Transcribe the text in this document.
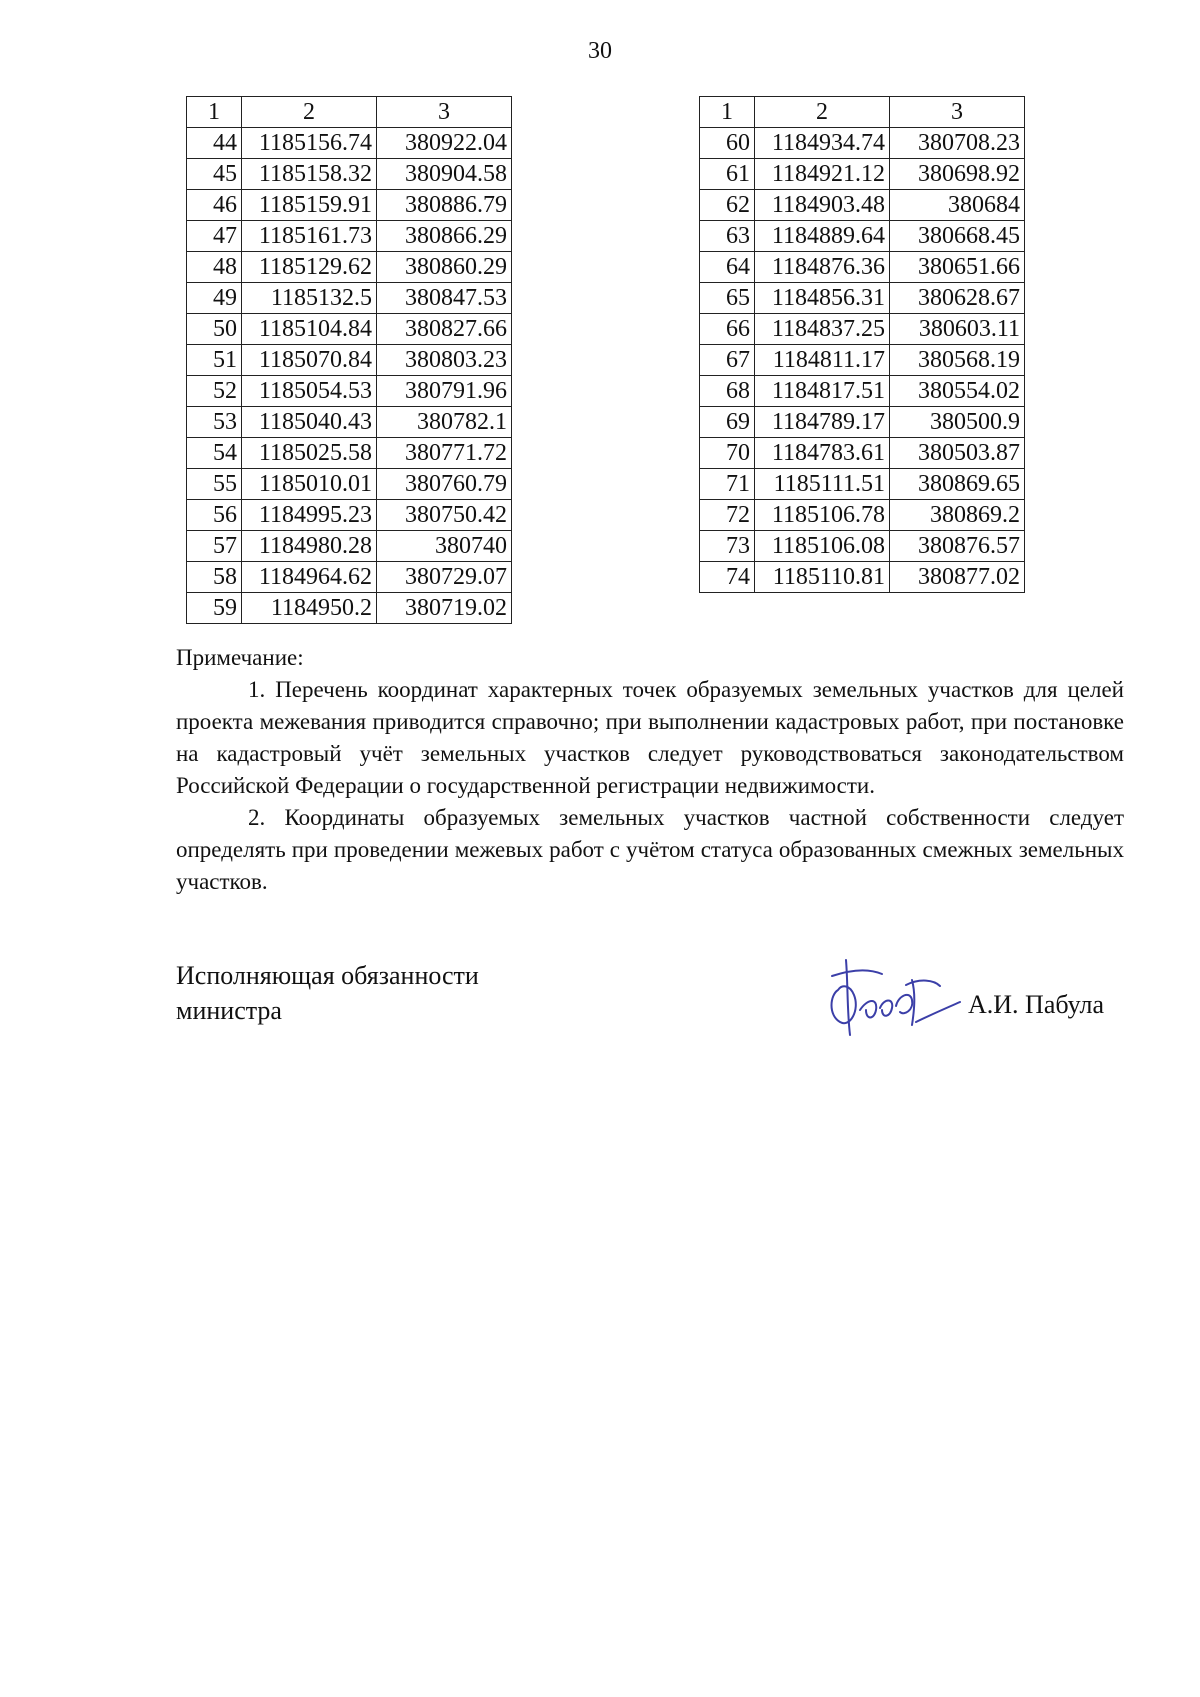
30
1	2	3
44	1185156.74	380922.04
45	1185158.32	380904.58
46	1185159.91	380886.79
47	1185161.73	380866.29
48	1185129.62	380860.29
49	1185132.5	380847.53
50	1185104.84	380827.66
51	1185070.84	380803.23
52	1185054.53	380791.96
53	1185040.43	380782.1
54	1185025.58	380771.72
55	1185010.01	380760.79
56	1184995.23	380750.42
57	1184980.28	380740
58	1184964.62	380729.07
59	1184950.2	380719.02
1	2	3
60	1184934.74	380708.23
61	1184921.12	380698.92
62	1184903.48	380684
63	1184889.64	380668.45
64	1184876.36	380651.66
65	1184856.31	380628.67
66	1184837.25	380603.11
67	1184811.17	380568.19
68	1184817.51	380554.02
69	1184789.17	380500.9
70	1184783.61	380503.87
71	1185111.51	380869.65
72	1185106.78	380869.2
73	1185106.08	380876.57
74	1185110.81	380877.02

Примечание:

1. Перечень координат характерных точек образуемых земельных участков для целей проекта межевания приводится справочно; при выполнении кадастровых работ, при постановке на кадастровый учёт земельных участков следует руководствоваться законодательством Российской Федерации о государственной регистрации недвижимости.

2. Координаты образуемых земельных участков частной собственности следует определять при проведении межевых работ с учётом статуса образованных смежных земельных участков.

Исполняющая обязанности
министра	А.И. Пабула
